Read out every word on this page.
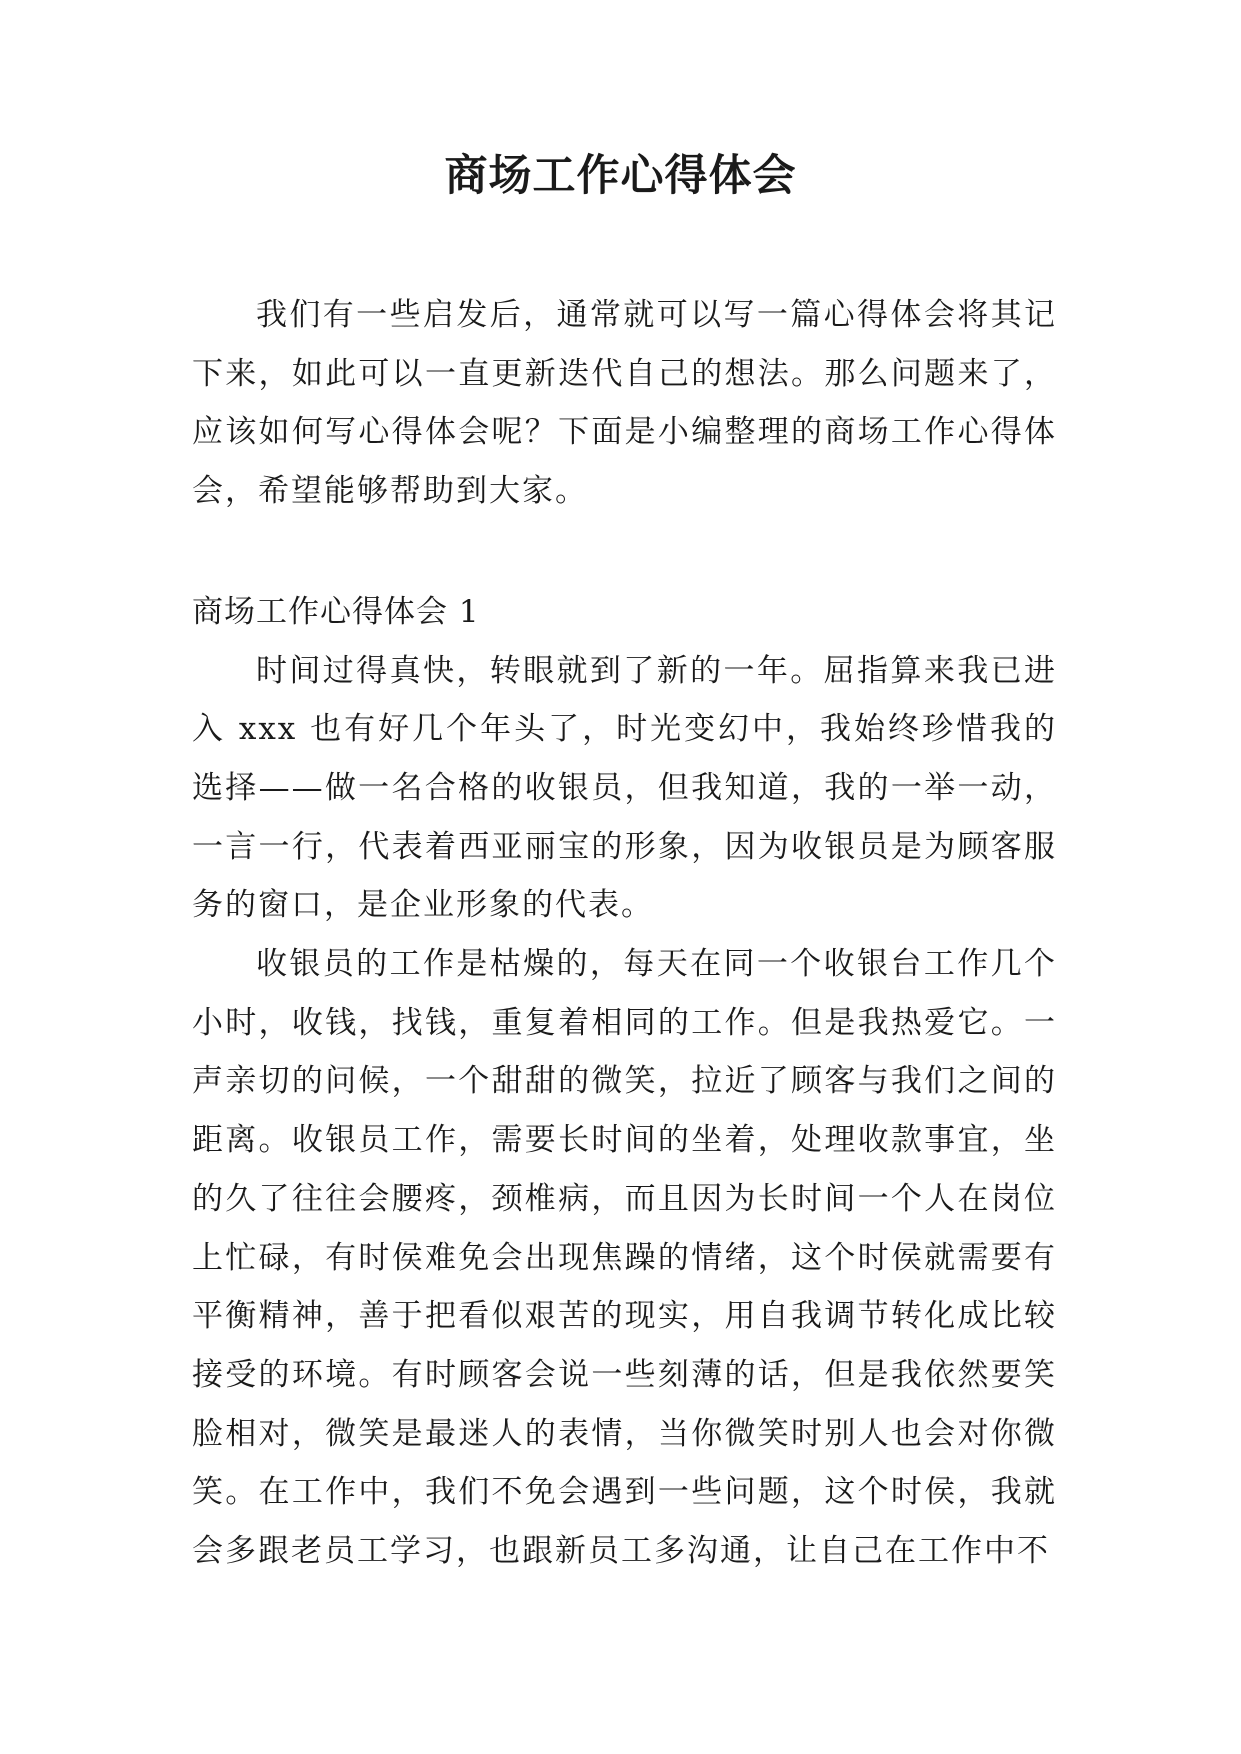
商场工作心得体会

我们有一些启发后，通常就可以写一篇心得体会将其记下来，如此可以一直更新迭代自己的想法。那么问题来了，应该如何写心得体会呢？下面是小编整理的商场工作心得体会，希望能够帮助到大家。

商场工作心得体会 1

时间过得真快，转眼就到了新的一年。屈指算来我已进入 xxx 也有好几个年头了，时光变幻中，我始终珍惜我的选择——做一名合格的收银员，但我知道，我的一举一动，一言一行，代表着西亚丽宝的形象，因为收银员是为顾客服务的窗口，是企业形象的代表。

收银员的工作是枯燥的，每天在同一个收银台工作几个小时，收钱，找钱，重复着相同的工作。但是我热爱它。一声亲切的问候，一个甜甜的微笑，拉近了顾客与我们之间的距离。收银员工作，需要长时间的坐着，处理收款事宜，坐的久了往往会腰疼，颈椎病，而且因为长时间一个人在岗位上忙碌，有时侯难免会出现焦躁的情绪，这个时侯就需要有平衡精神，善于把看似艰苦的现实，用自我调节转化成比较接受的环境。有时顾客会说一些刻薄的话，但是我依然要笑脸相对，微笑是最迷人的表情，当你微笑时别人也会对你微笑。在工作中，我们不免会遇到一些问题，这个时侯，我就会多跟老员工学习，也跟新员工多沟通，让自己在工作中不
